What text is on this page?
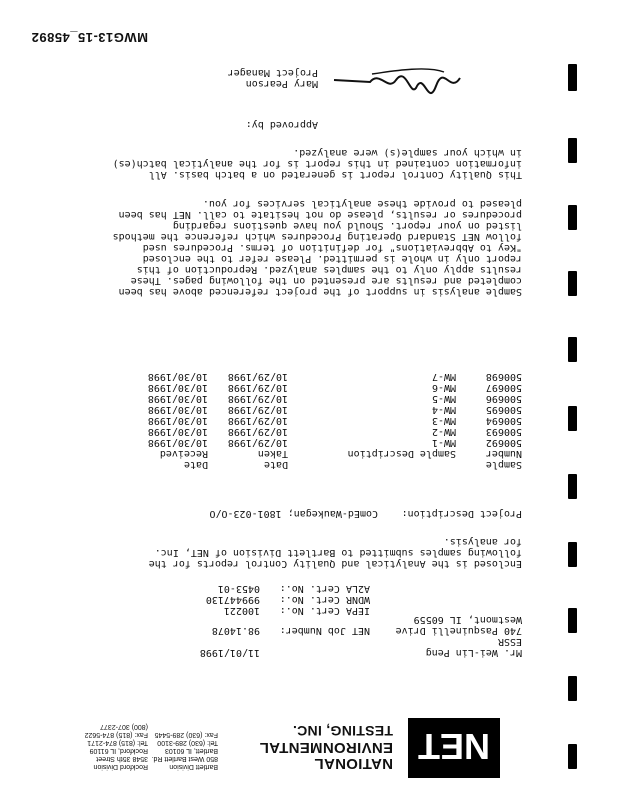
NET
NATIONAL
ENVIRONMENTAL
TESTING, INC.
Bartlett Division
850 West Bartlett Rd.
Bartlett, IL 60103
Tel: (630) 289-3100
Fax: (630) 289-5445
Rockford Division
3548 35th Street
Rockford, IL 61109
Tel: (815) 874-2171
Fax: (815) 874-5622
(800) 307-2377
Mr. Wei-Lin Peng
ESSR
740 Pasquinelli Drive
Westmont, IL 60559
11/01/1998
NET Job Number:
98.14078
IEPA Cert. No.:
100221
WDNR Cert. No.:
999447130
A2LA Cert. No.:
0453-01
Enclosed is the Analytical and Quality Control reports for the
following samples submitted to Bartlett Division of NET, Inc.
for analysis.
Project Description:
ComEd-Waukegan; 1801-023-O/O
Sample		Date	Date
Number	Sample Description	Taken	Received
500692	MW-1	10/29/1998	10/30/1998
500693	MW-2	10/29/1998	10/30/1998
500694	MW-3	10/29/1998	10/30/1998
500695	MW-4	10/29/1998	10/30/1998
500696	MW-5	10/29/1998	10/30/1998
500697	MW-6	10/29/1998	10/30/1998
500698	MW-7	10/29/1998	10/30/1998
Sample analysis in support of the project referenced above has been
completed and results are presented on the following pages. These
results apply only to the samples analyzed. Reproduction of this
report only in whole is permitted. Please refer to the enclosed
"Key to Abbreviations" for definition of terms. Procedures used
follow NET Standard Operating Procedures which reference the methods
listed on your report. Should you have questions regarding
procedures or results, please do not hesitate to call. NET has been
pleased to provide these analytical services for you.
This Quality Control report is generated on a batch basis. All
information contained in this report is for the analytical batch(es)
in which your sample(s) were analyzed.
Approved by:
Mary Pearson
Project Manager
MWG13-15_45892
